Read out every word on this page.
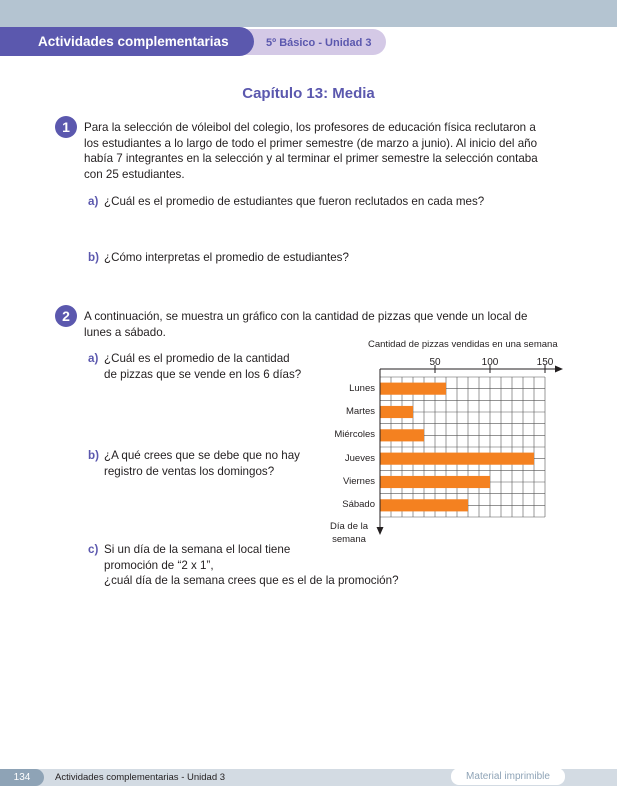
Actividades complementarias	5º Básico - Unidad 3
Capítulo 13: Media
1	Para la selección de vóleibol del colegio, los profesores de educación física reclutaron a
los estudiantes a lo largo de todo el primer semestre (de marzo a junio). Al inicio del año
había 7 integrantes en la selección y al terminar el primer semestre la selección contaba
con 25 estudiantes.
a) ¿Cuál es el promedio de estudiantes que fueron reclutados en cada mes?
b) ¿Cómo interpretas el promedio de estudiantes?
2	A continuación, se muestra un gráfico con la cantidad de pizzas que vende un local de
lunes a sábado.
a) ¿Cuál es el promedio de la cantidad
de pizzas que se vende en los 6 días?
b) ¿A qué crees que se debe que no hay
registro de ventas los domingos?
c) Si un día de la semana el local tiene
promoción de “2 x 1”,
¿cuál día de la semana crees que es el de la promoción?
Cantidad de pizzas vendidas en una semana
50	100	150
Lunes
Martes
Miércoles
Jueves
Viernes
Sábado
Día de la
semana
134	Actividades complementarias - Unidad 3	Material imprimible
